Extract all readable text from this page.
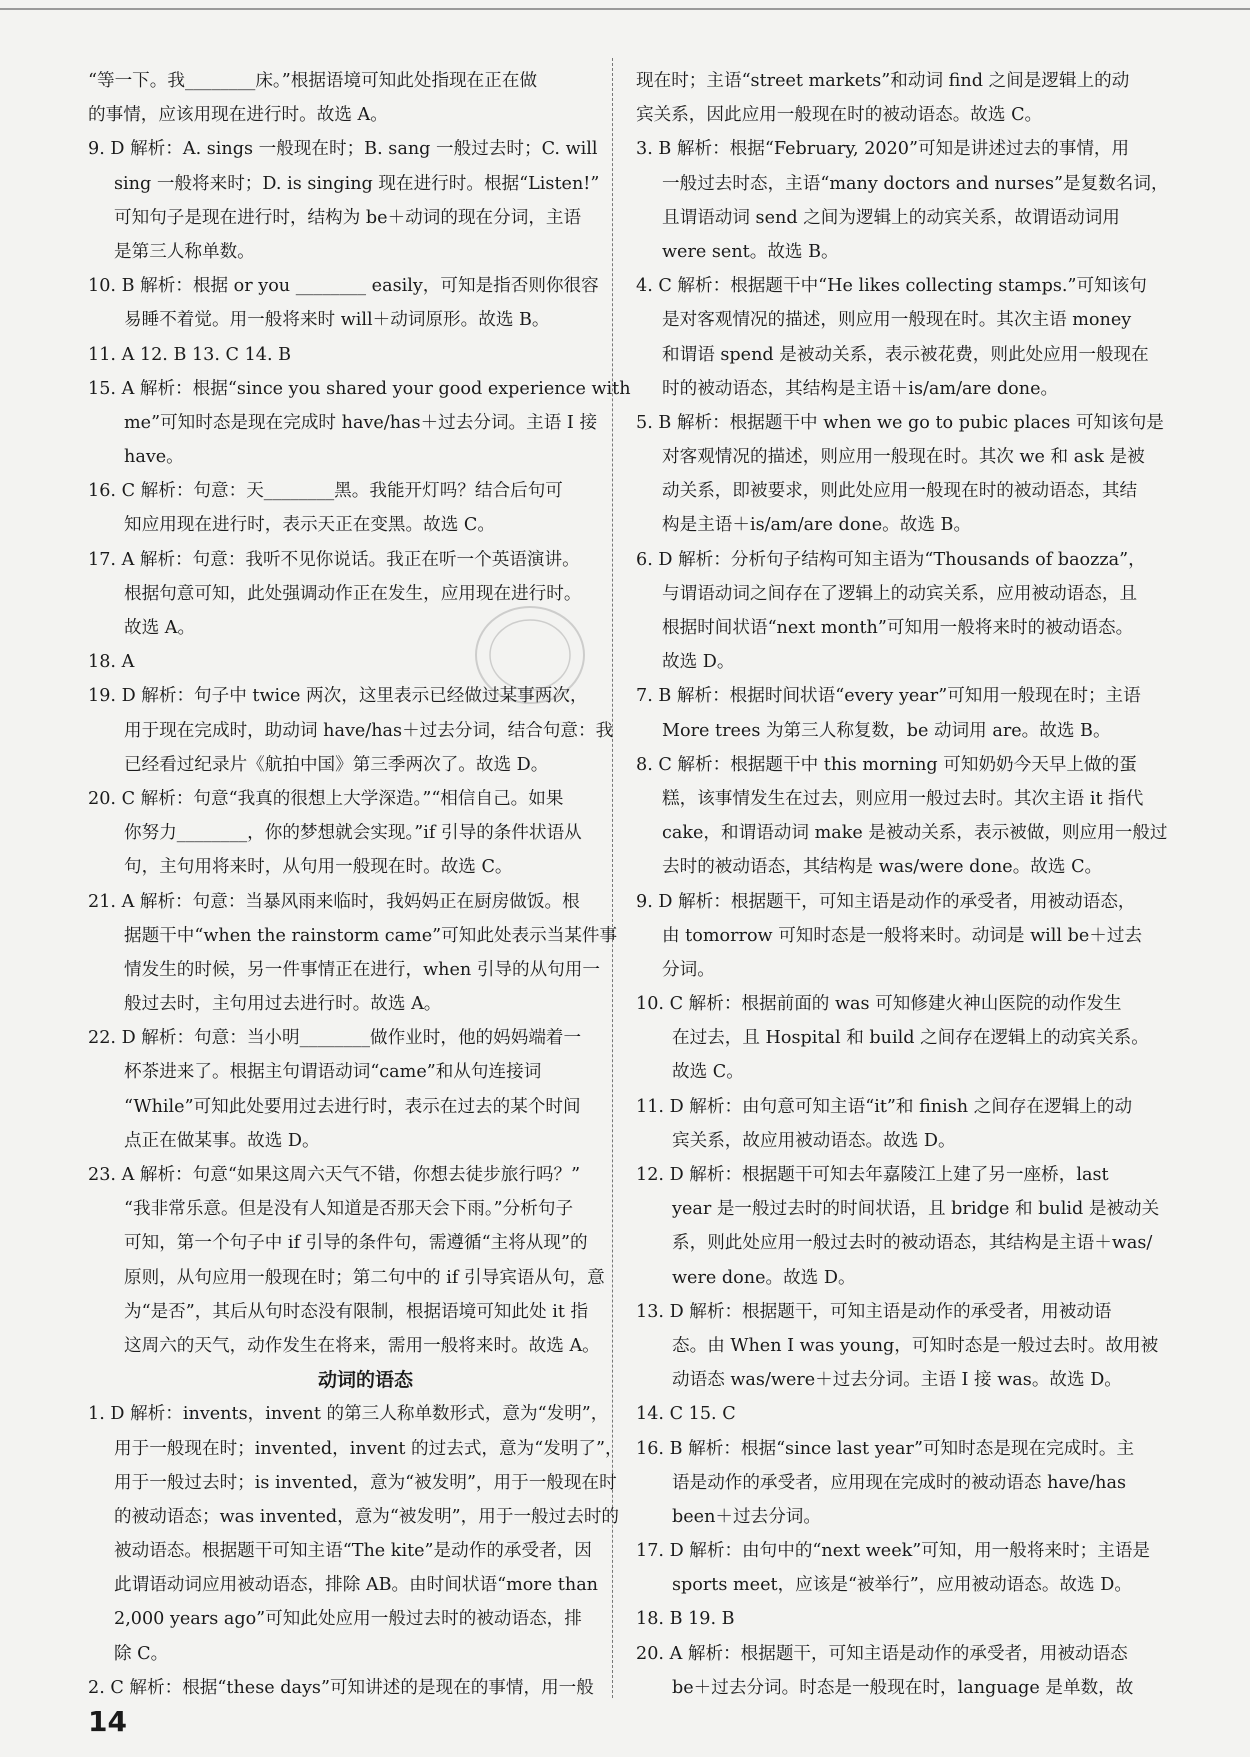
“等一下。我________床。”根据语境可知此处指现在正在做

的事情，应该用现在进行时。故选 A。

9. D 解析：A. sings 一般现在时；B. sang 一般过去时；C. will

sing 一般将来时；D. is singing 现在进行时。根据“Listen!”

可知句子是现在进行时，结构为 be＋动词的现在分词，主语

是第三人称单数。

10. B 解析：根据 or you ________ easily，可知是指否则你很容

易睡不着觉。用一般将来时 will＋动词原形。故选 B。

11. A 12. B 13. C 14. B

15. A 解析：根据“since you shared your good experience with

me”可知时态是现在完成时 have/has＋过去分词。主语 I 接

have。

16. C 解析：句意：天________黑。我能开灯吗？结合后句可

知应用现在进行时，表示天正在变黑。故选 C。

17. A 解析：句意：我听不见你说话。我正在听一个英语演讲。

根据句意可知，此处强调动作正在发生，应用现在进行时。

故选 A。

18. A

19. D 解析：句子中 twice 两次，这里表示已经做过某事两次，

用于现在完成时，助动词 have/has＋过去分词，结合句意：我

已经看过纪录片《航拍中国》第三季两次了。故选 D。

20. C 解析：句意“我真的很想上大学深造。”“相信自己。如果

你努力________，你的梦想就会实现。”if 引导的条件状语从

句，主句用将来时，从句用一般现在时。故选 C。

21. A 解析：句意：当暴风雨来临时，我妈妈正在厨房做饭。根

据题干中“when the rainstorm came”可知此处表示当某件事

情发生的时候，另一件事情正在进行，when 引导的从句用一

般过去时，主句用过去进行时。故选 A。

22. D 解析：句意：当小明________做作业时，他的妈妈端着一

杯茶进来了。根据主句谓语动词“came”和从句连接词

“While”可知此处要用过去进行时，表示在过去的某个时间

点正在做某事。故选 D。

23. A 解析：句意“如果这周六天气不错，你想去徒步旅行吗？”

“我非常乐意。但是没有人知道是否那天会下雨。”分析句子

可知，第一个句子中 if 引导的条件句，需遵循“主将从现”的

原则，从句应用一般现在时；第二句中的 if 引导宾语从句，意

为“是否”，其后从句时态没有限制，根据语境可知此处 it 指

这周六的天气，动作发生在将来，需用一般将来时。故选 A。

动词的语态

1. D 解析：invents，invent 的第三人称单数形式，意为“发明”，

用于一般现在时；invented，invent 的过去式，意为“发明了”，

用于一般过去时；is invented，意为“被发明”，用于一般现在时

的被动语态；was invented，意为“被发明”，用于一般过去时的

被动语态。根据题干可知主语“The kite”是动作的承受者，因

此谓语动词应用被动语态，排除 AB。由时间状语“more than

2,000 years ago”可知此处应用一般过去时的被动语态，排

除 C。

2. C 解析：根据“these days”可知讲述的是现在的事情，用一般

现在时；主语“street markets”和动词 find 之间是逻辑上的动

宾关系，因此应用一般现在时的被动语态。故选 C。

3. B 解析：根据“February, 2020”可知是讲述过去的事情，用

一般过去时态，主语“many doctors and nurses”是复数名词，

且谓语动词 send 之间为逻辑上的动宾关系，故谓语动词用

were sent。故选 B。

4. C 解析：根据题干中“He likes collecting stamps.”可知该句

是对客观情况的描述，则应用一般现在时。其次主语 money

和谓语 spend 是被动关系，表示被花费，则此处应用一般现在

时的被动语态，其结构是主语＋is/am/are done。

5. B 解析：根据题干中 when we go to pubic places 可知该句是

对客观情况的描述，则应用一般现在时。其次 we 和 ask 是被

动关系，即被要求，则此处应用一般现在时的被动语态，其结

构是主语＋is/am/are done。故选 B。

6. D 解析：分析句子结构可知主语为“Thousands of baozza”，

与谓语动词之间存在了逻辑上的动宾关系，应用被动语态，且

根据时间状语“next month”可知用一般将来时的被动语态。

故选 D。

7. B 解析：根据时间状语“every year”可知用一般现在时；主语

More trees 为第三人称复数，be 动词用 are。故选 B。

8. C 解析：根据题干中 this morning 可知奶奶今天早上做的蛋

糕，该事情发生在过去，则应用一般过去时。其次主语 it 指代

cake，和谓语动词 make 是被动关系，表示被做，则应用一般过

去时的被动语态，其结构是 was/were done。故选 C。

9. D 解析：根据题干，可知主语是动作的承受者，用被动语态，

由 tomorrow 可知时态是一般将来时。动词是 will be＋过去

分词。

10. C 解析：根据前面的 was 可知修建火神山医院的动作发生

在过去，且 Hospital 和 build 之间存在逻辑上的动宾关系。

故选 C。

11. D 解析：由句意可知主语“it”和 finish 之间存在逻辑上的动

宾关系，故应用被动语态。故选 D。

12. D 解析：根据题干可知去年嘉陵江上建了另一座桥，last

year 是一般过去时的时间状语，且 bridge 和 bulid 是被动关

系，则此处应用一般过去时的被动语态，其结构是主语＋was/

were done。故选 D。

13. D 解析：根据题干，可知主语是动作的承受者，用被动语

态。由 When I was young，可知时态是一般过去时。故用被

动语态 was/were＋过去分词。主语 I 接 was。故选 D。

14. C 15. C

16. B 解析：根据“since last year”可知时态是现在完成时。主

语是动作的承受者，应用现在完成时的被动语态 have/has

been＋过去分词。

17. D 解析：由句中的“next week”可知，用一般将来时；主语是

sports meet，应该是“被举行”，应用被动语态。故选 D。

18. B 19. B

20. A 解析：根据题干，可知主语是动作的承受者，用被动语态

be＋过去分词。时态是一般现在时，language 是单数，故

14
